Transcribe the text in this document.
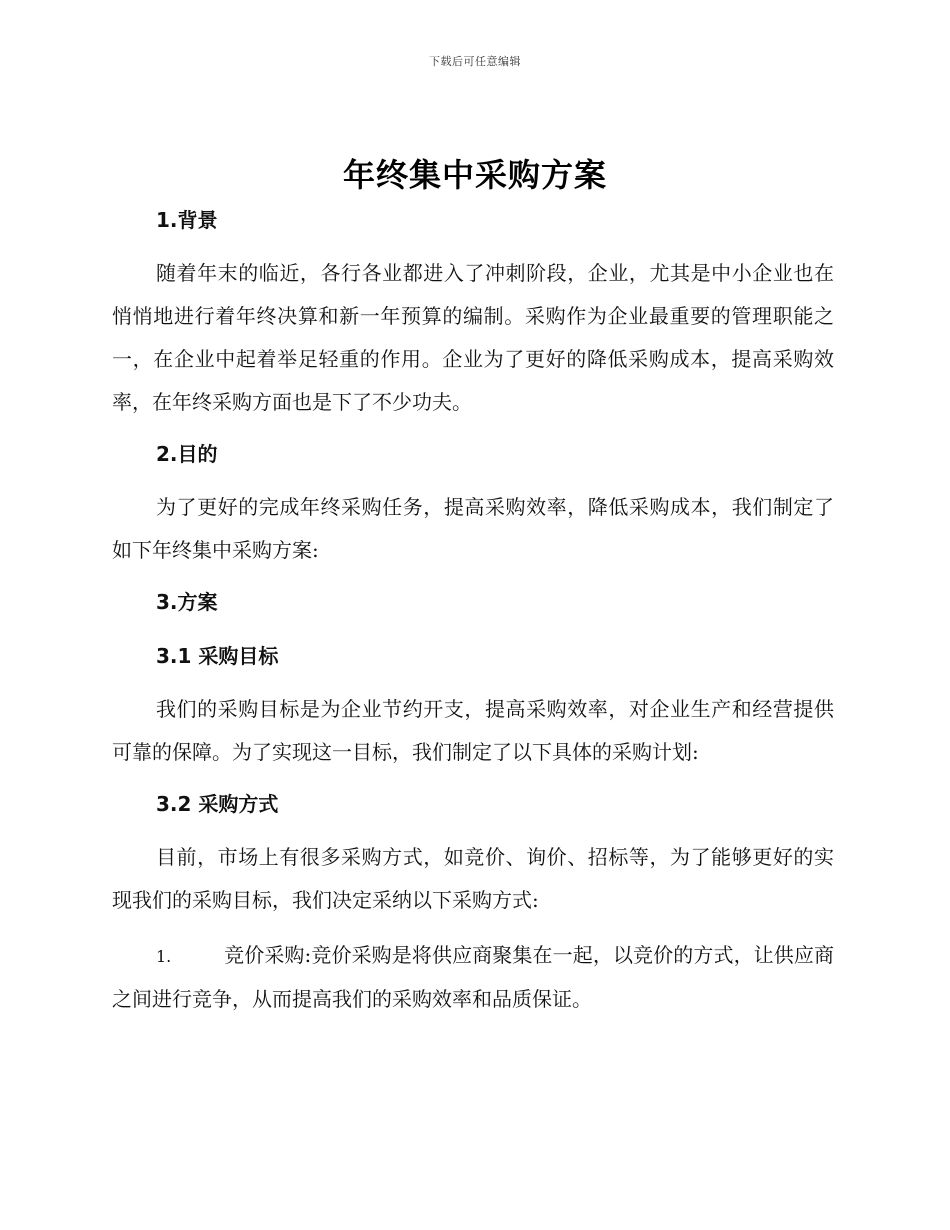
下载后可任意编辑
年终集中采购方案
1.背景

随着年末的临近，各行各业都进入了冲刺阶段，企业，尤其是中小企业也在悄悄地进行着年终决算和新一年预算的编制。采购作为企业最重要的管理职能之一，在企业中起着举足轻重的作用。企业为了更好的降低采购成本，提高采购效率，在年终采购方面也是下了不少功夫。

2.目的

为了更好的完成年终采购任务，提高采购效率，降低采购成本，我们制定了如下年终集中采购方案:

3.方案
3.1 采购目标

我们的采购目标是为企业节约开支，提高采购效率，对企业生产和经营提供可靠的保障。为了实现这一目标，我们制定了以下具体的采购计划:

3.2 采购方式

目前，市场上有很多采购方式，如竞价、询价、招标等，为了能够更好的实现我们的采购目标，我们决定采纳以下采购方式:

1.	竞价采购:竞价采购是将供应商聚集在一起，以竞价的方式，让供应商之间进行竞争，从而提高我们的采购效率和品质保证。
